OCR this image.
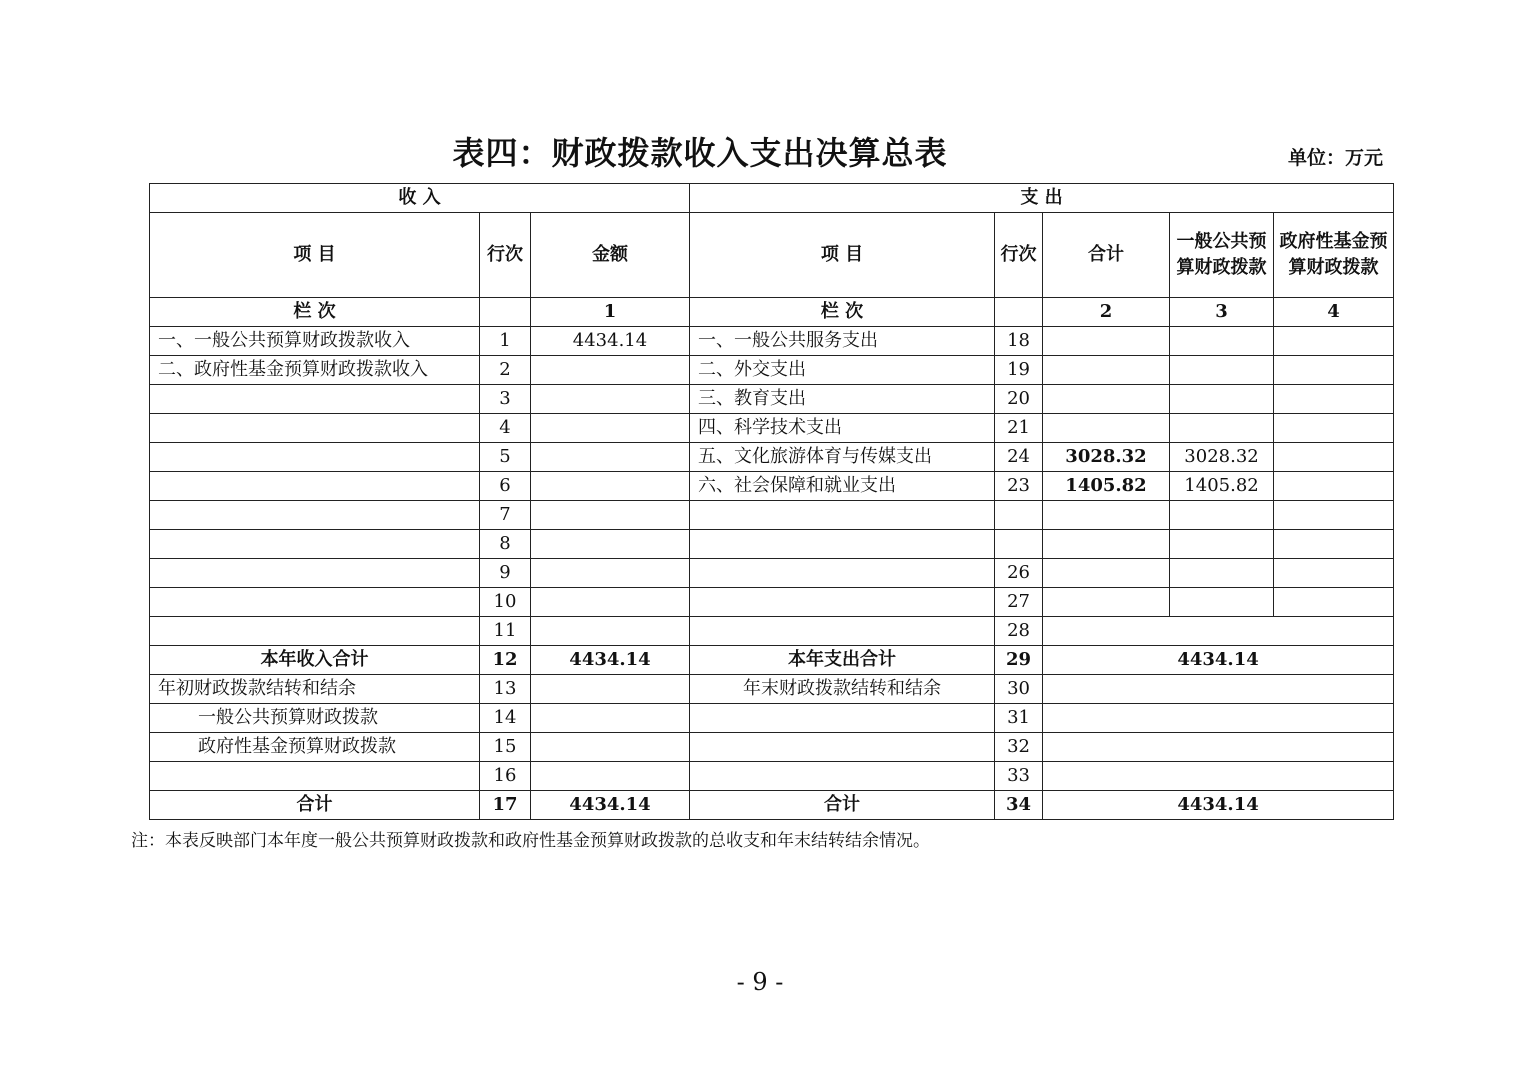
表四：财政拨款收入支出决算总表	单位：万元
收 入			支 出				
项 目	行次	金额	项 目	行次	合计	一般公共预算财政拨款	政府性基金预算财政拨款
栏 次		1	栏 次		2	3	4
一、一般公共预算财政拨款收入	1	4434.14	一、一般公共服务支出	18			
二、政府性基金预算财政拨款收入	2		二、外交支出	19			
	3		三、教育支出	20			
	4		四、科学技术支出	21			
	5		五、文化旅游体育与传媒支出	24	3028.32	3028.32	
	6		六、社会保障和就业支出	23	1405.82	1405.82	
	7						
	8						
	9			26			
	10			27			
	11			28			
本年收入合计	12	4434.14	本年支出合计	29	4434.14		
年初财政拨款结转和结余	13		年末财政拨款结转和结余	30			
一般公共预算财政拨款	14			31			
政府性基金预算财政拨款	15			32			
	16			33			
合计	17	4434.14	合计	34	4434.14		
注：本表反映部门本年度一般公共预算财政拨款和政府性基金预算财政拨款的总收支和年末结转结余情况。
- 9 -
